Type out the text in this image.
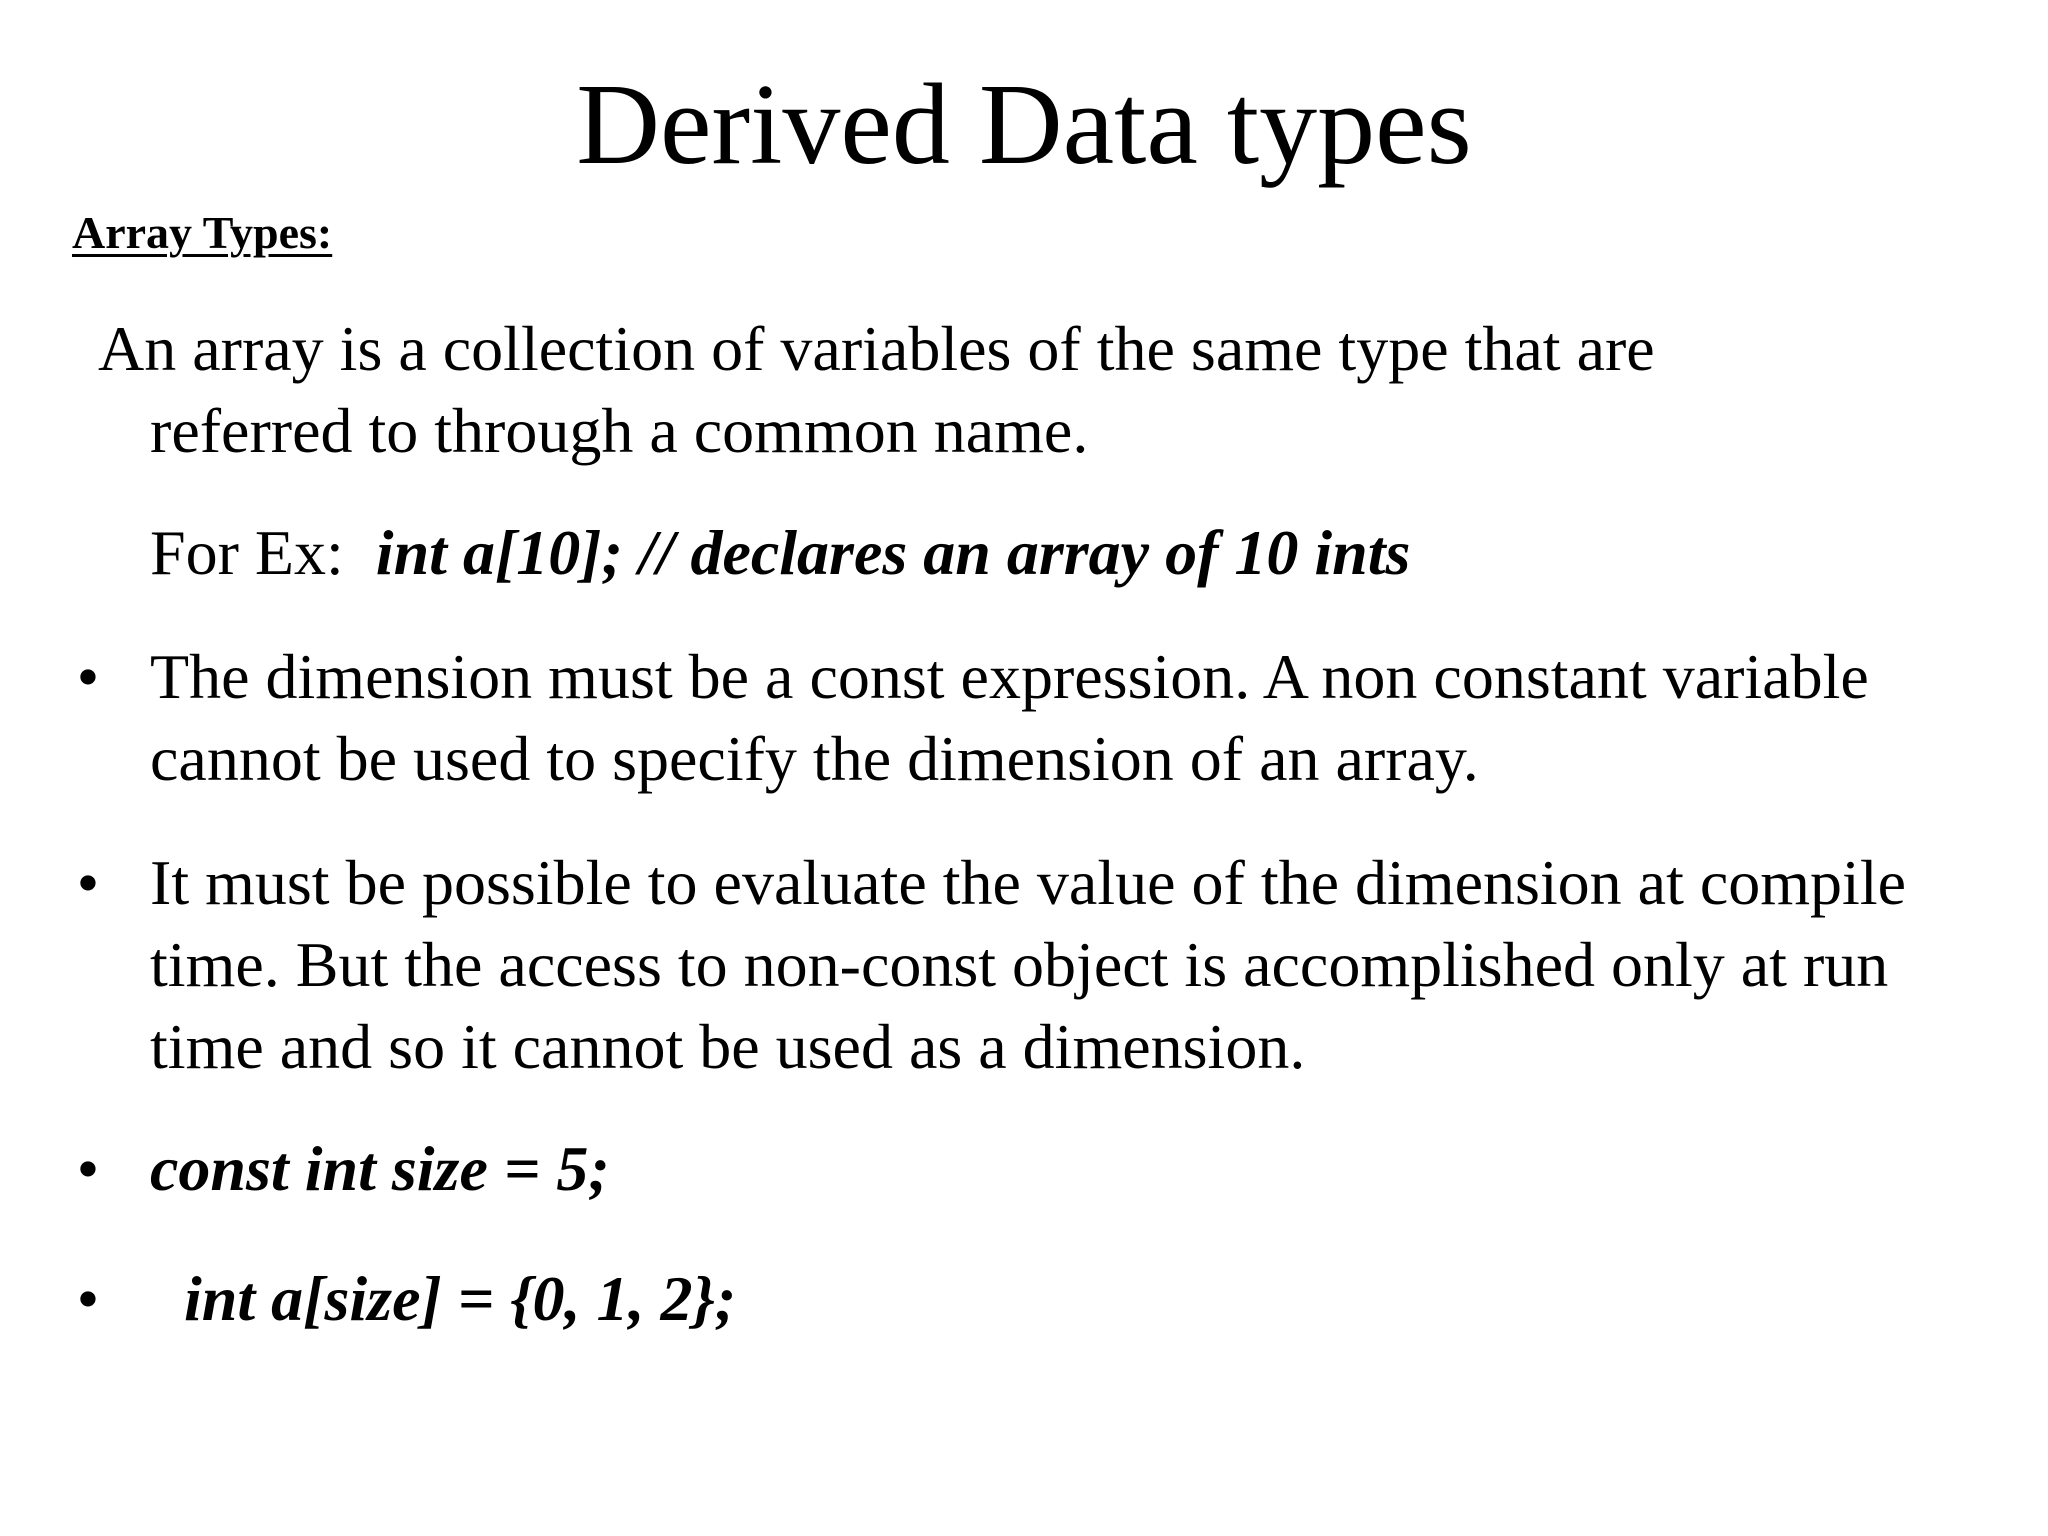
Derived Data types
Array Types:
An array is a collection of variables of the same type that are
referred to through a common name.
For Ex: int a[10]; // declares an array of 10 ints
• The dimension must be a const expression. A non constant variable cannot be used to specify the dimension of an array.
• It must be possible to evaluate the value of the dimension at compile time. But the access to non-const object is accomplished only at run time and so it cannot be used as a dimension.
• const int size = 5;
• int a[size] = {0, 1, 2};
